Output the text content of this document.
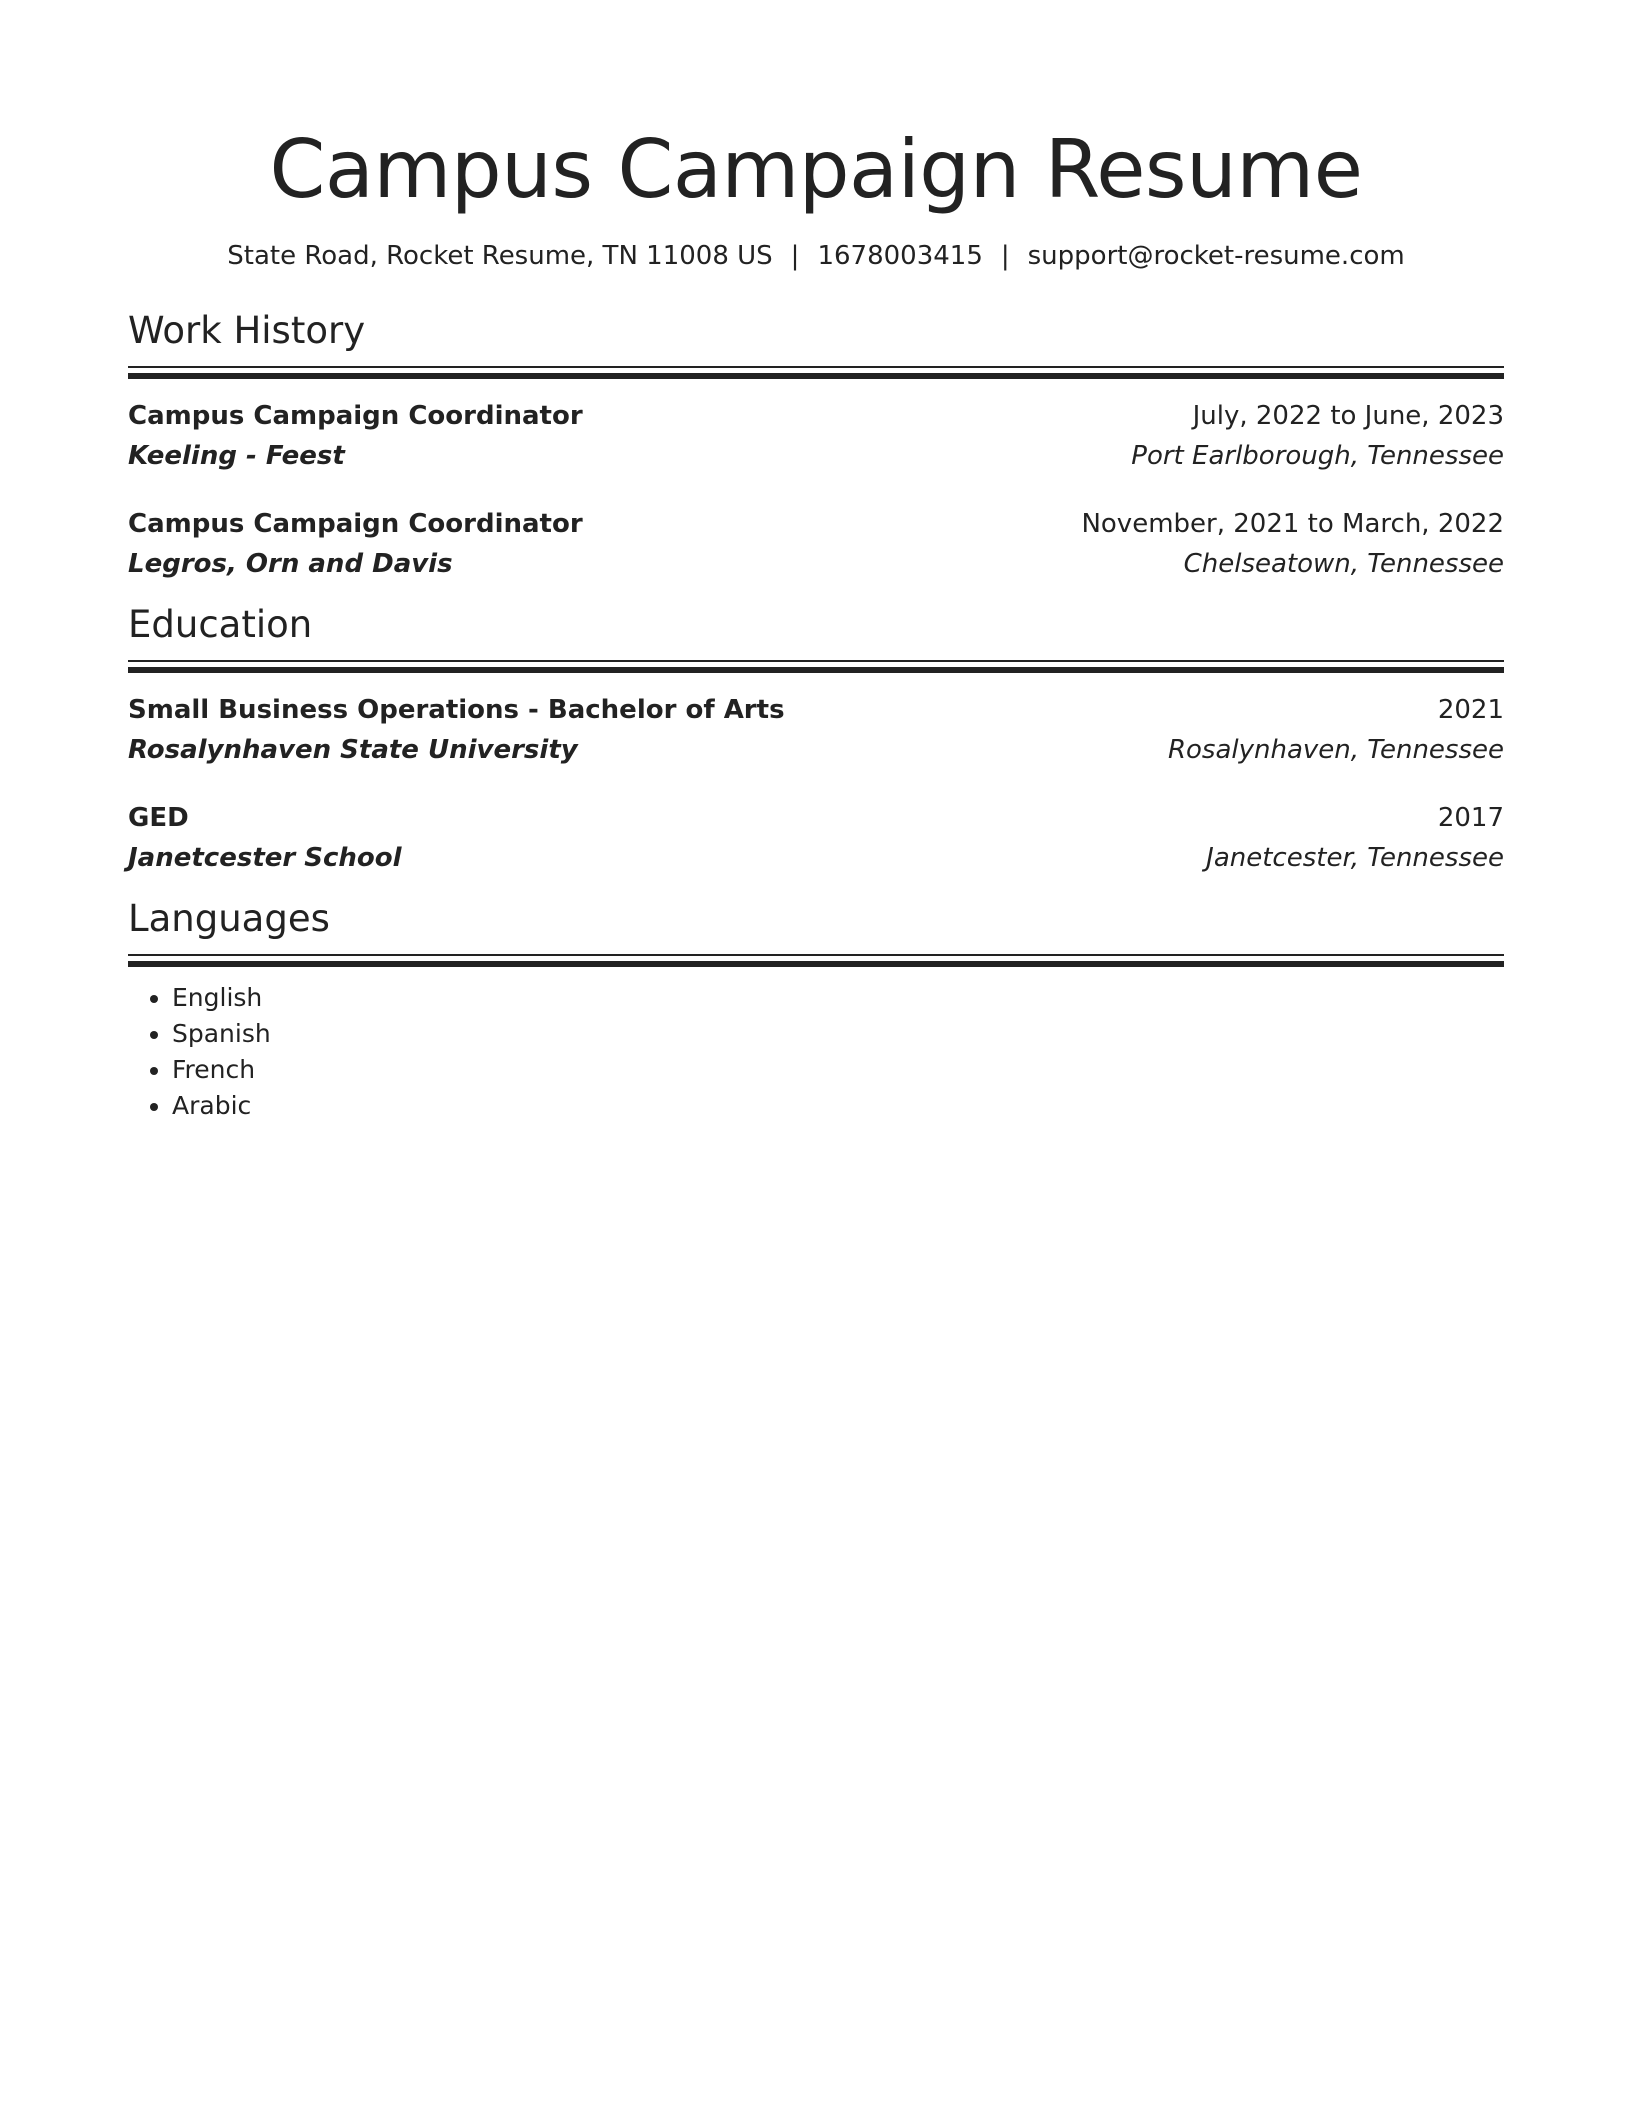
Campus Campaign Resume
State Road, Rocket Resume, TN 11008 US | 1678003415 | support@rocket-resume.com
Work History
Campus Campaign Coordinator	July, 2022 to June, 2023
Keeling - Feest	Port Earlborough, Tennessee
Campus Campaign Coordinator	November, 2021 to March, 2022
Legros, Orn and Davis	Chelseatown, Tennessee
Education
Small Business Operations - Bachelor of Arts	2021
Rosalynhaven State University	Rosalynhaven, Tennessee
GED	2017
Janetcester School	Janetcester, Tennessee
Languages
• English
• Spanish
• French
• Arabic
